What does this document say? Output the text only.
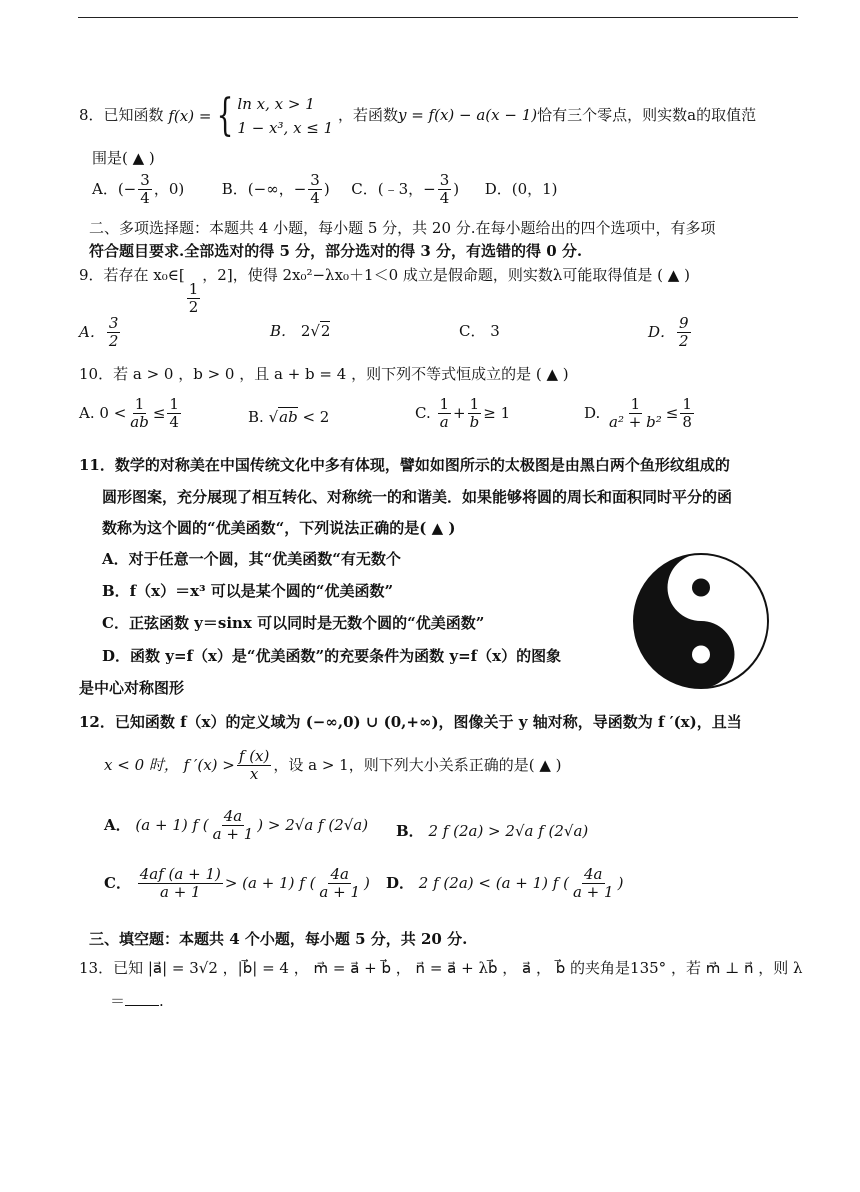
8．已知函数 f(x) = { ln x, x > 1
1 − x³, x ≤ 1
，若函数y = f(x) − a(x − 1)恰有三个零点，则实数a的取值范
围是( ▲ )
A．(− $\frac{3}{4}$ ，0)	B．(−∞，− $\frac{3}{4}$ ) C．(﹣3，− $\frac{3}{4}$ ) D．(0，1)
二、多项选择题：本题共 4 小题，每小题 5 分，共 20 分.在每小题给出的四个选项中，有多项
符合题目要求.全部选对的得 5 分，部分选对的得 3 分，有选错的得 0 分.
9．若存在 x₀∈[
$\frac{1}{2}$
，2]，使得 2x₀²−λx₀＋1＜0 成立是假命题，则实数λ可能取得值是 ( ▲ )
A． $\frac{3}{2}$	B． 2√2	C． 3	D． $\frac{9}{2}$
10．若 a > 0 ，b > 0 ，且 a + b = 4 ，则下列不等式恒成立的是 ( ▲ )
A. $0 < \frac{1}{ab} \le \frac{1}{4}$	B. √ab < 2	C. $\frac{1}{a} + \frac{1}{b} \ge 1$	D. $\frac{1}{\text{a² + b²}} \le \frac{1}{8}$
11．数学的对称美在中国传统文化中多有体现，譬如如图所示的太极图是由黑白两个鱼形纹组成的
圆形图案，充分展现了相互转化、对称统一的和谐美．如果能够将圆的周长和面积同时平分的函
数称为这个圆的“优美函数“，下列说法正确的是( ▲ )
A．对于任意一个圆，其“优美函数“有无数个
B．f（x）＝x³ 可以是某个圆的“优美函数”
C．正弦函数 y＝sinx 可以同时是无数个圆的“优美函数”
D．函数 y=f（x）是“优美函数”的充要条件为函数 y=f（x）的图象
是中心对称图形
12．已知函数 f（x）的定义域为 (−∞,0) ∪ (0,+∞)，图像关于 y 轴对称，导函数为 f ′(x)，且当
x < 0 时， f $'(x) > \frac{f (x)}{x}$ ，设 a > 1，则下列大小关系正确的是( ▲ )
A． (a + 1) f ( $\frac{4a}{a + 1}$ ) > 2√a f (2√a) B． 2 f (2a) > 2√a f (2√a)
C． $\frac{4af (a + 1)}{a + 1} > (a + 1)$ f ( $\frac{4a}{a + 1}$ ) D． 2 f (2a) < (a + 1) f ( $\frac{4a}{a + 1}$ )
三、填空题：本题共 4 个小题，每小题 5 分，共 20 分.
13．已知 |a⃗| = 3√2 ，|b⃗| = 4 ， m⃗ = a⃗ + b⃗ ， n⃗ = a⃗ + λb⃗ ， a⃗ ， b⃗ 的夹角是135° ，若 m⃗ ⊥ n⃗ ，则 λ
＝ .
